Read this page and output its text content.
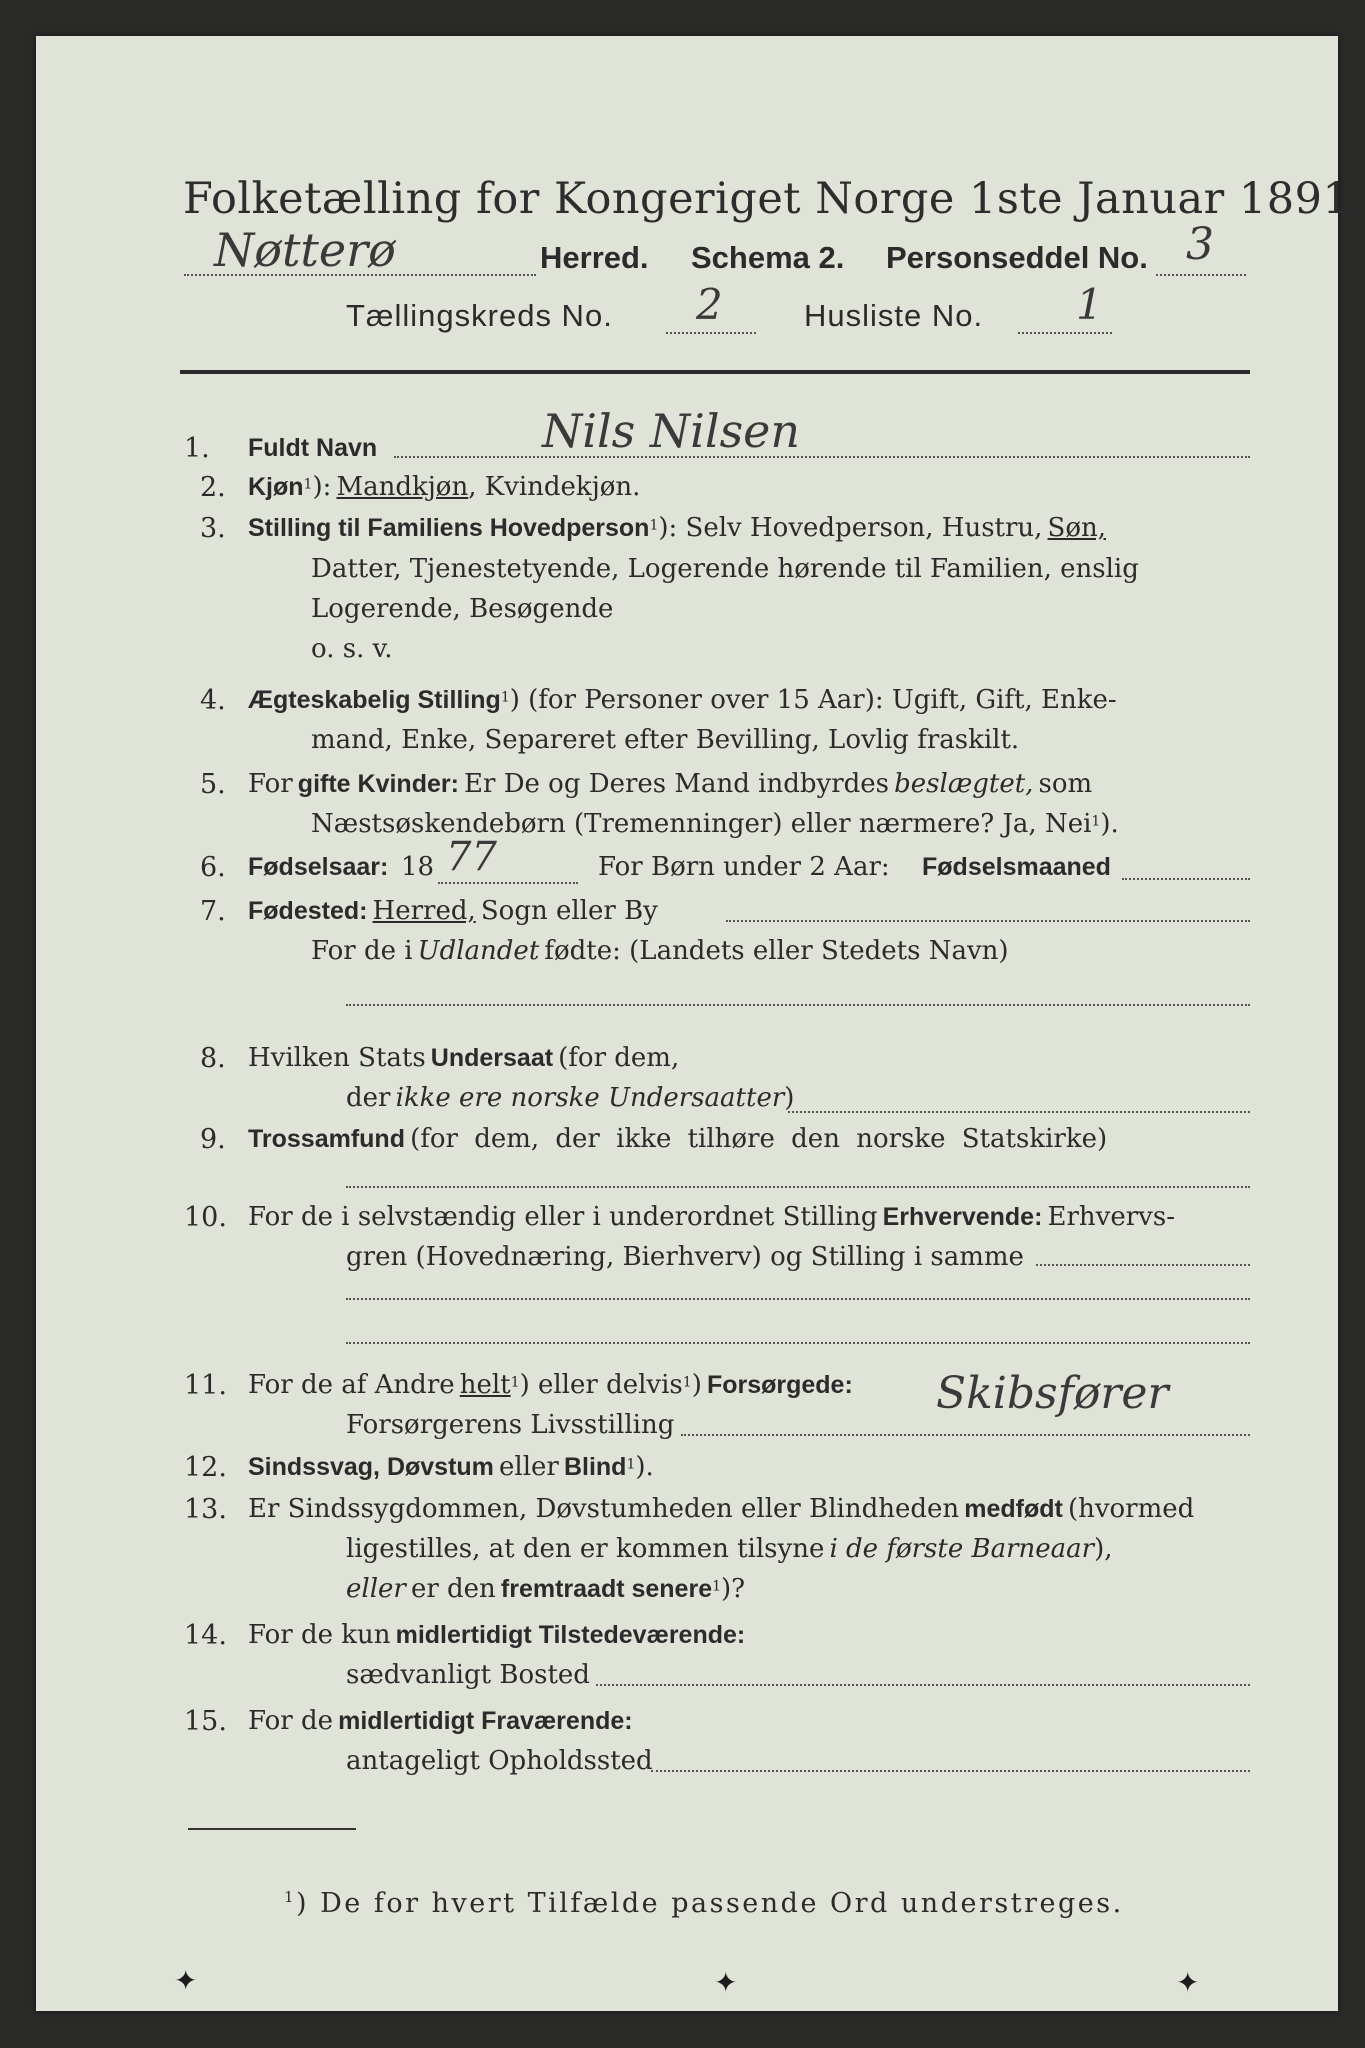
Folketælling for Kongeriget Norge 1ste Januar 1891.
Nøtterø	Herred. Schema 2. Personseddel No. 3
Tællingskreds No. 2	Husliste No. 1
1. Fuldt Navn	Nils Nilsen
2. Kjøn$^1$): Mandkjøn, Kvindekjøn.
3. Stilling til Familiens Hovedperson$^1$): Selv Hovedperson, Hustru, Søn,
Datter, Tjenestetyende, Logerende hørende til Familien, enslig
Logerende, Besøgende
o. s. v.
4. Ægteskabelig Stilling$^1$) (for Personer over 15 Aar): Ugift, Gift, Enke-
mand, Enke, Separeret efter Bevilling, Lovlig fraskilt.
5. For gifte Kvinder: Er De og Deres Mand indbyrdes beslægtet, som
Næstsøskendebørn (Tremenninger) eller nærmere? Ja, Nei$^1$).
6. Fødselsaar: 18 77	For Børn under 2 Aar: Fødselsmaaned
7. Fødested: Herred, Sogn eller By
For de i Udlandet fødte: (Landets eller Stedets Navn)
8. Hvilken Stats Undersaat (for dem,
der ikke ere norske Undersaatter)
9. Trossamfund (for dem, der ikke tilhøre den norske Statskirke)
10. For de i selvstændig eller i underordnet Stilling Erhvervende: Erhvervs-
gren (Hovednæring, Bierhverv) og Stilling i samme
11. For de af Andre helt$^1$) eller delvis$^1$) Forsørgede:
Forsørgerens Livsstilling
Skibsfører
12. Sindssvag, Døvstum eller Blind$^1$).
13. Er Sindssygdommen, Døvstumheden eller Blindheden medfødt (hvormed
ligestilles, at den er kommen tilsyne i de første Barneaar),
eller er den fremtraadt senere$^1$)?
14. For de kun midlertidigt Tilstedeværende:
sædvanligt Bosted
15. For de midlertidigt Fraværende:
antageligt Opholdssted
$^1$) De for hvert Tilfælde passende Ord understreges.
✦	✦	✦
